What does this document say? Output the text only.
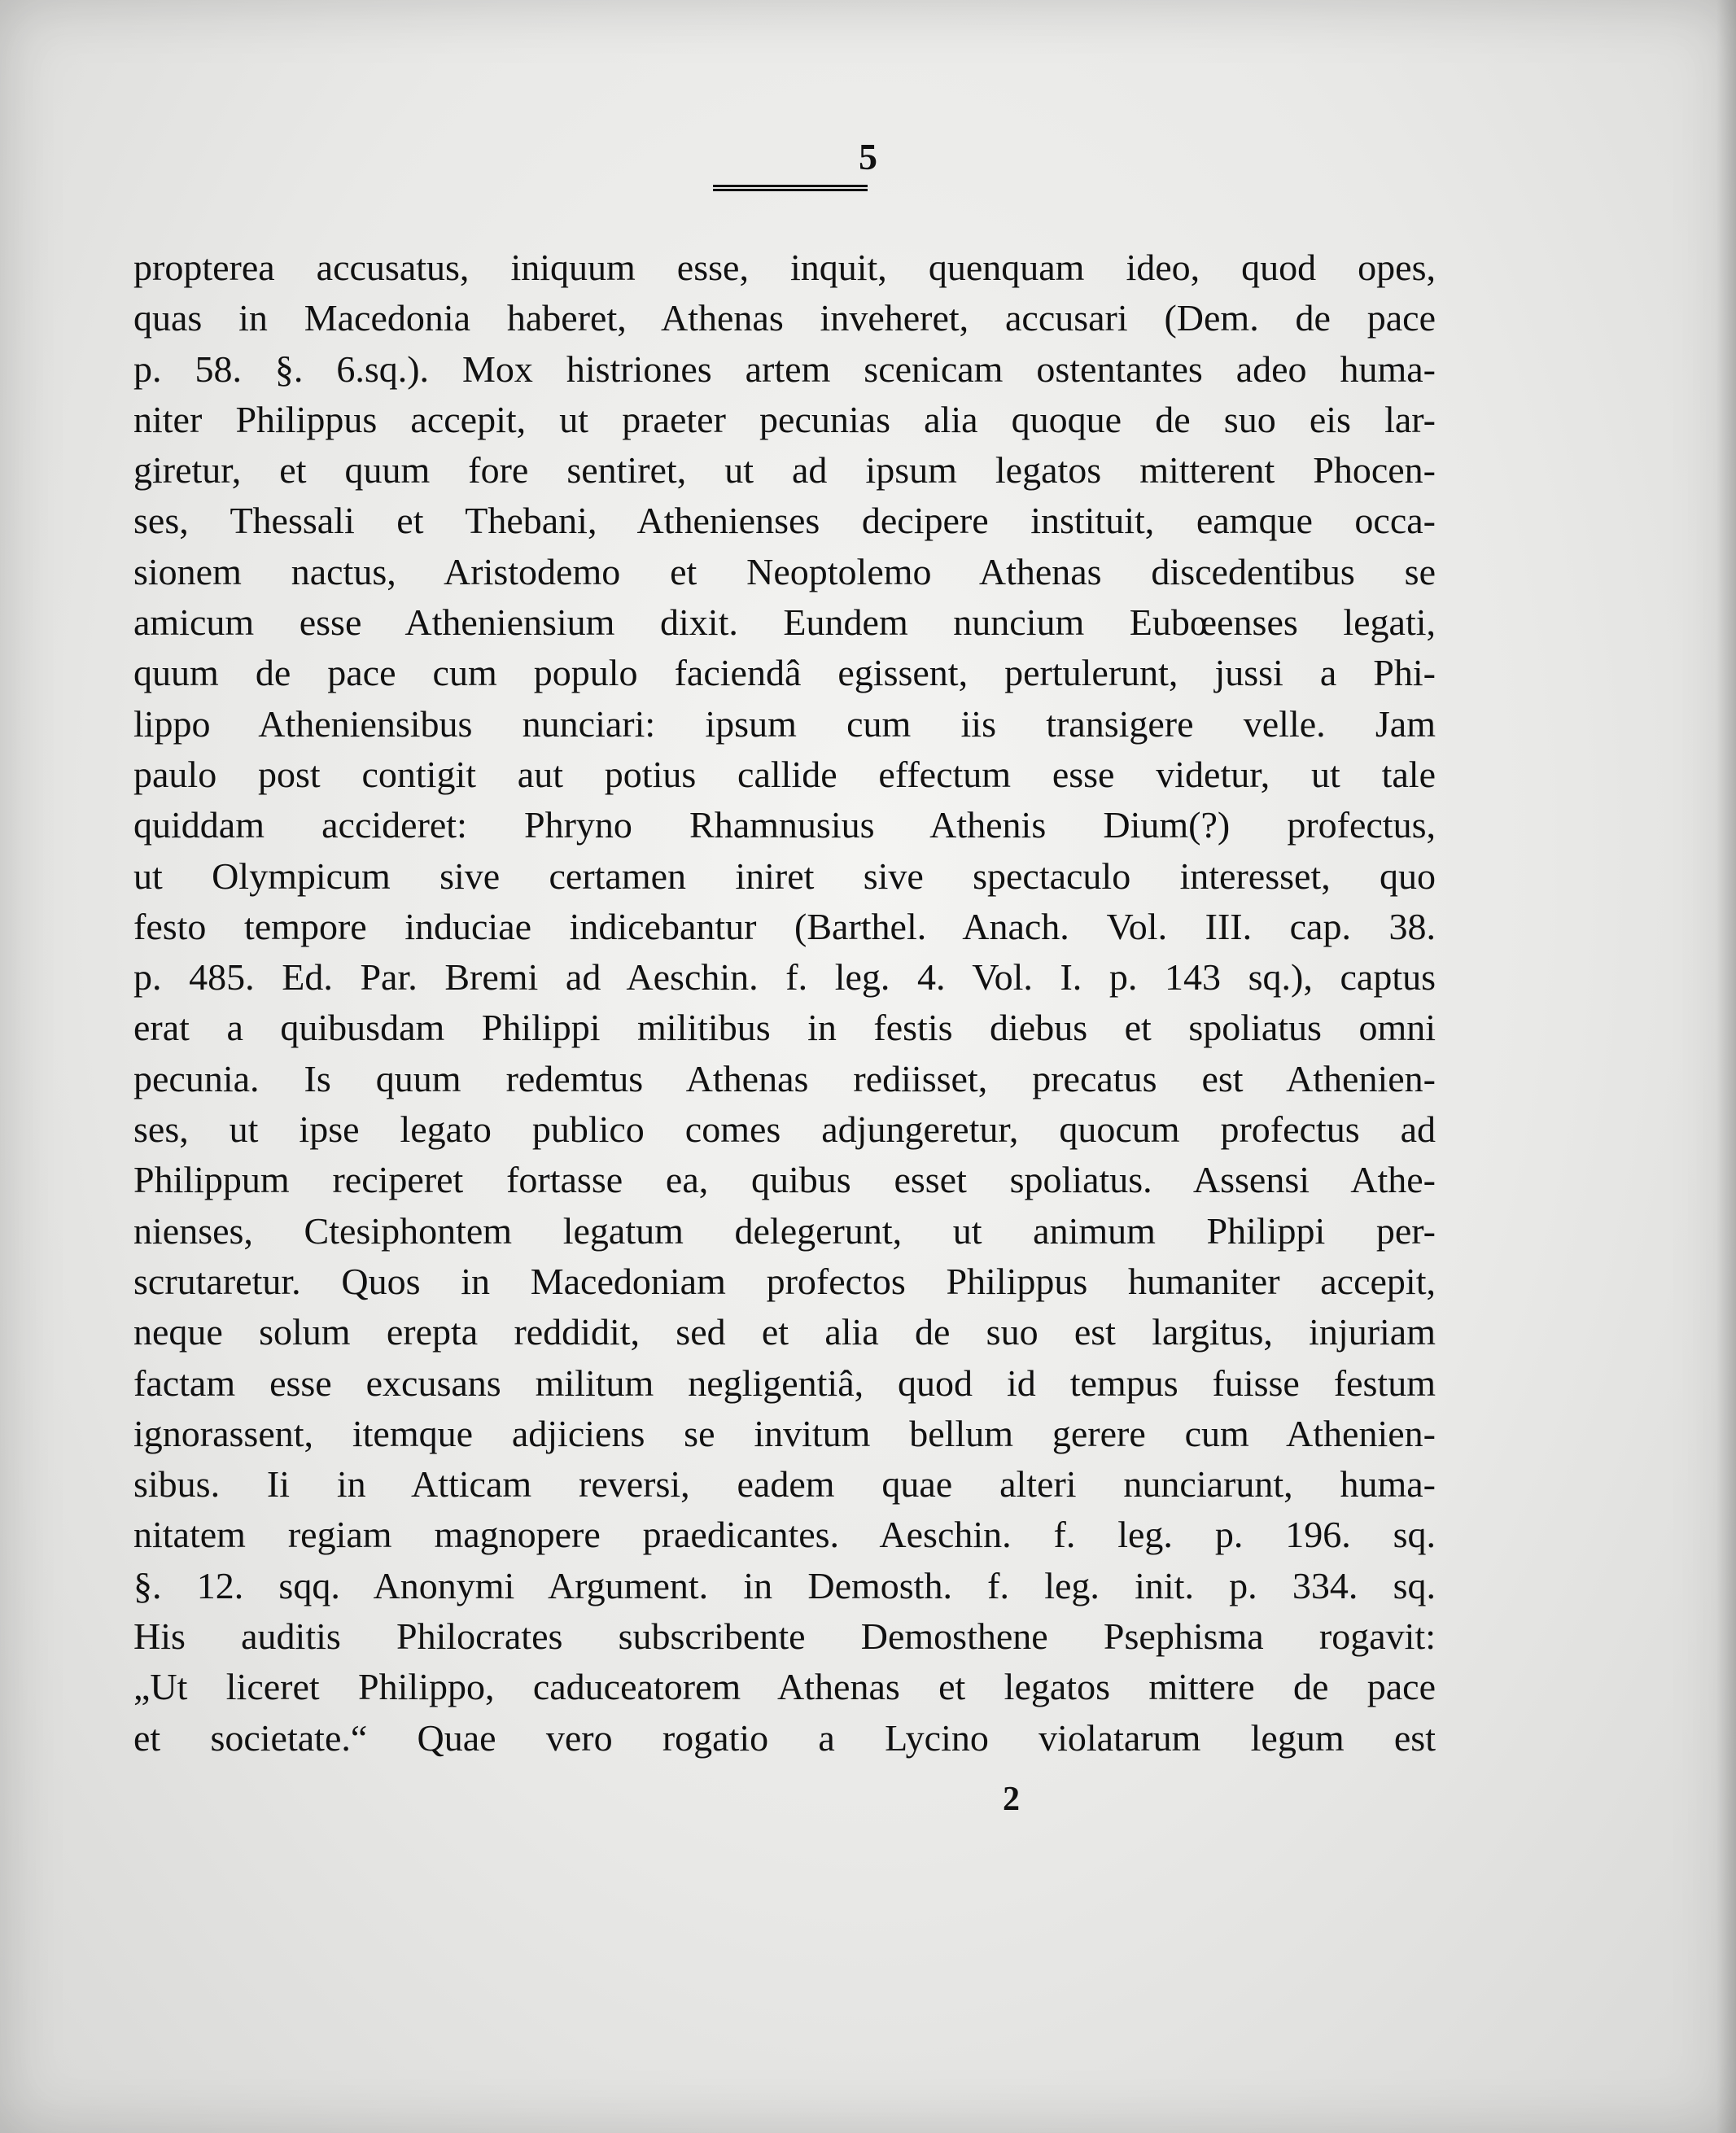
5
propterea accusatus, iniquum esse, inquit, quenquam ideo, quod opes,
quas in Macedonia haberet, Athenas inveheret, accusari (Dem. de pace
p. 58. §. 6.sq.). Mox histriones artem scenicam ostentantes adeo huma-
niter Philippus accepit, ut praeter pecunias alia quoque de suo eis lar-
giretur, et quum fore sentiret, ut ad ipsum legatos mitterent Phocen-
ses, Thessali et Thebani, Athenienses decipere instituit, eamque occa-
sionem nactus, Aristodemo et Neoptolemo Athenas discedentibus se
amicum esse Atheniensium dixit. Eundem nuncium Eubœenses legati,
quum de pace cum populo faciendâ egissent, pertulerunt, jussi a Phi-
lippo Atheniensibus nunciari: ipsum cum iis transigere velle. Jam
paulo post contigit aut potius callide effectum esse videtur, ut tale
quiddam accideret: Phryno Rhamnusius Athenis Dium(?) profectus,
ut Olympicum sive certamen iniret sive spectaculo interesset, quo
festo tempore induciae indicebantur (Barthel. Anach. Vol. III. cap. 38.
p. 485. Ed. Par. Bremi ad Aeschin. f. leg. 4. Vol. I. p. 143 sq.), captus
erat a quibusdam Philippi militibus in festis diebus et spoliatus omni
pecunia. Is quum redemtus Athenas rediisset, precatus est Athenien-
ses, ut ipse legato publico comes adjungeretur, quocum profectus ad
Philippum reciperet fortasse ea, quibus esset spoliatus. Assensi Athe-
nienses, Ctesiphontem legatum delegerunt, ut animum Philippi per-
scrutaretur. Quos in Macedoniam profectos Philippus humaniter accepit,
neque solum erepta reddidit, sed et alia de suo est largitus, injuriam
factam esse excusans militum negligentiâ, quod id tempus fuisse festum
ignorassent, itemque adjiciens se invitum bellum gerere cum Athenien-
sibus. Ii in Atticam reversi, eadem quae alteri nunciarunt, huma-
nitatem regiam magnopere praedicantes. Aeschin. f. leg. p. 196. sq.
§. 12. sqq. Anonymi Argument. in Demosth. f. leg. init. p. 334. sq.
His auditis Philocrates subscribente Demosthene Psephisma rogavit:
„Ut liceret Philippo, caduceatorem Athenas et legatos mittere de pace
et societate.“ Quae vero rogatio a Lycino violatarum legum est
2
